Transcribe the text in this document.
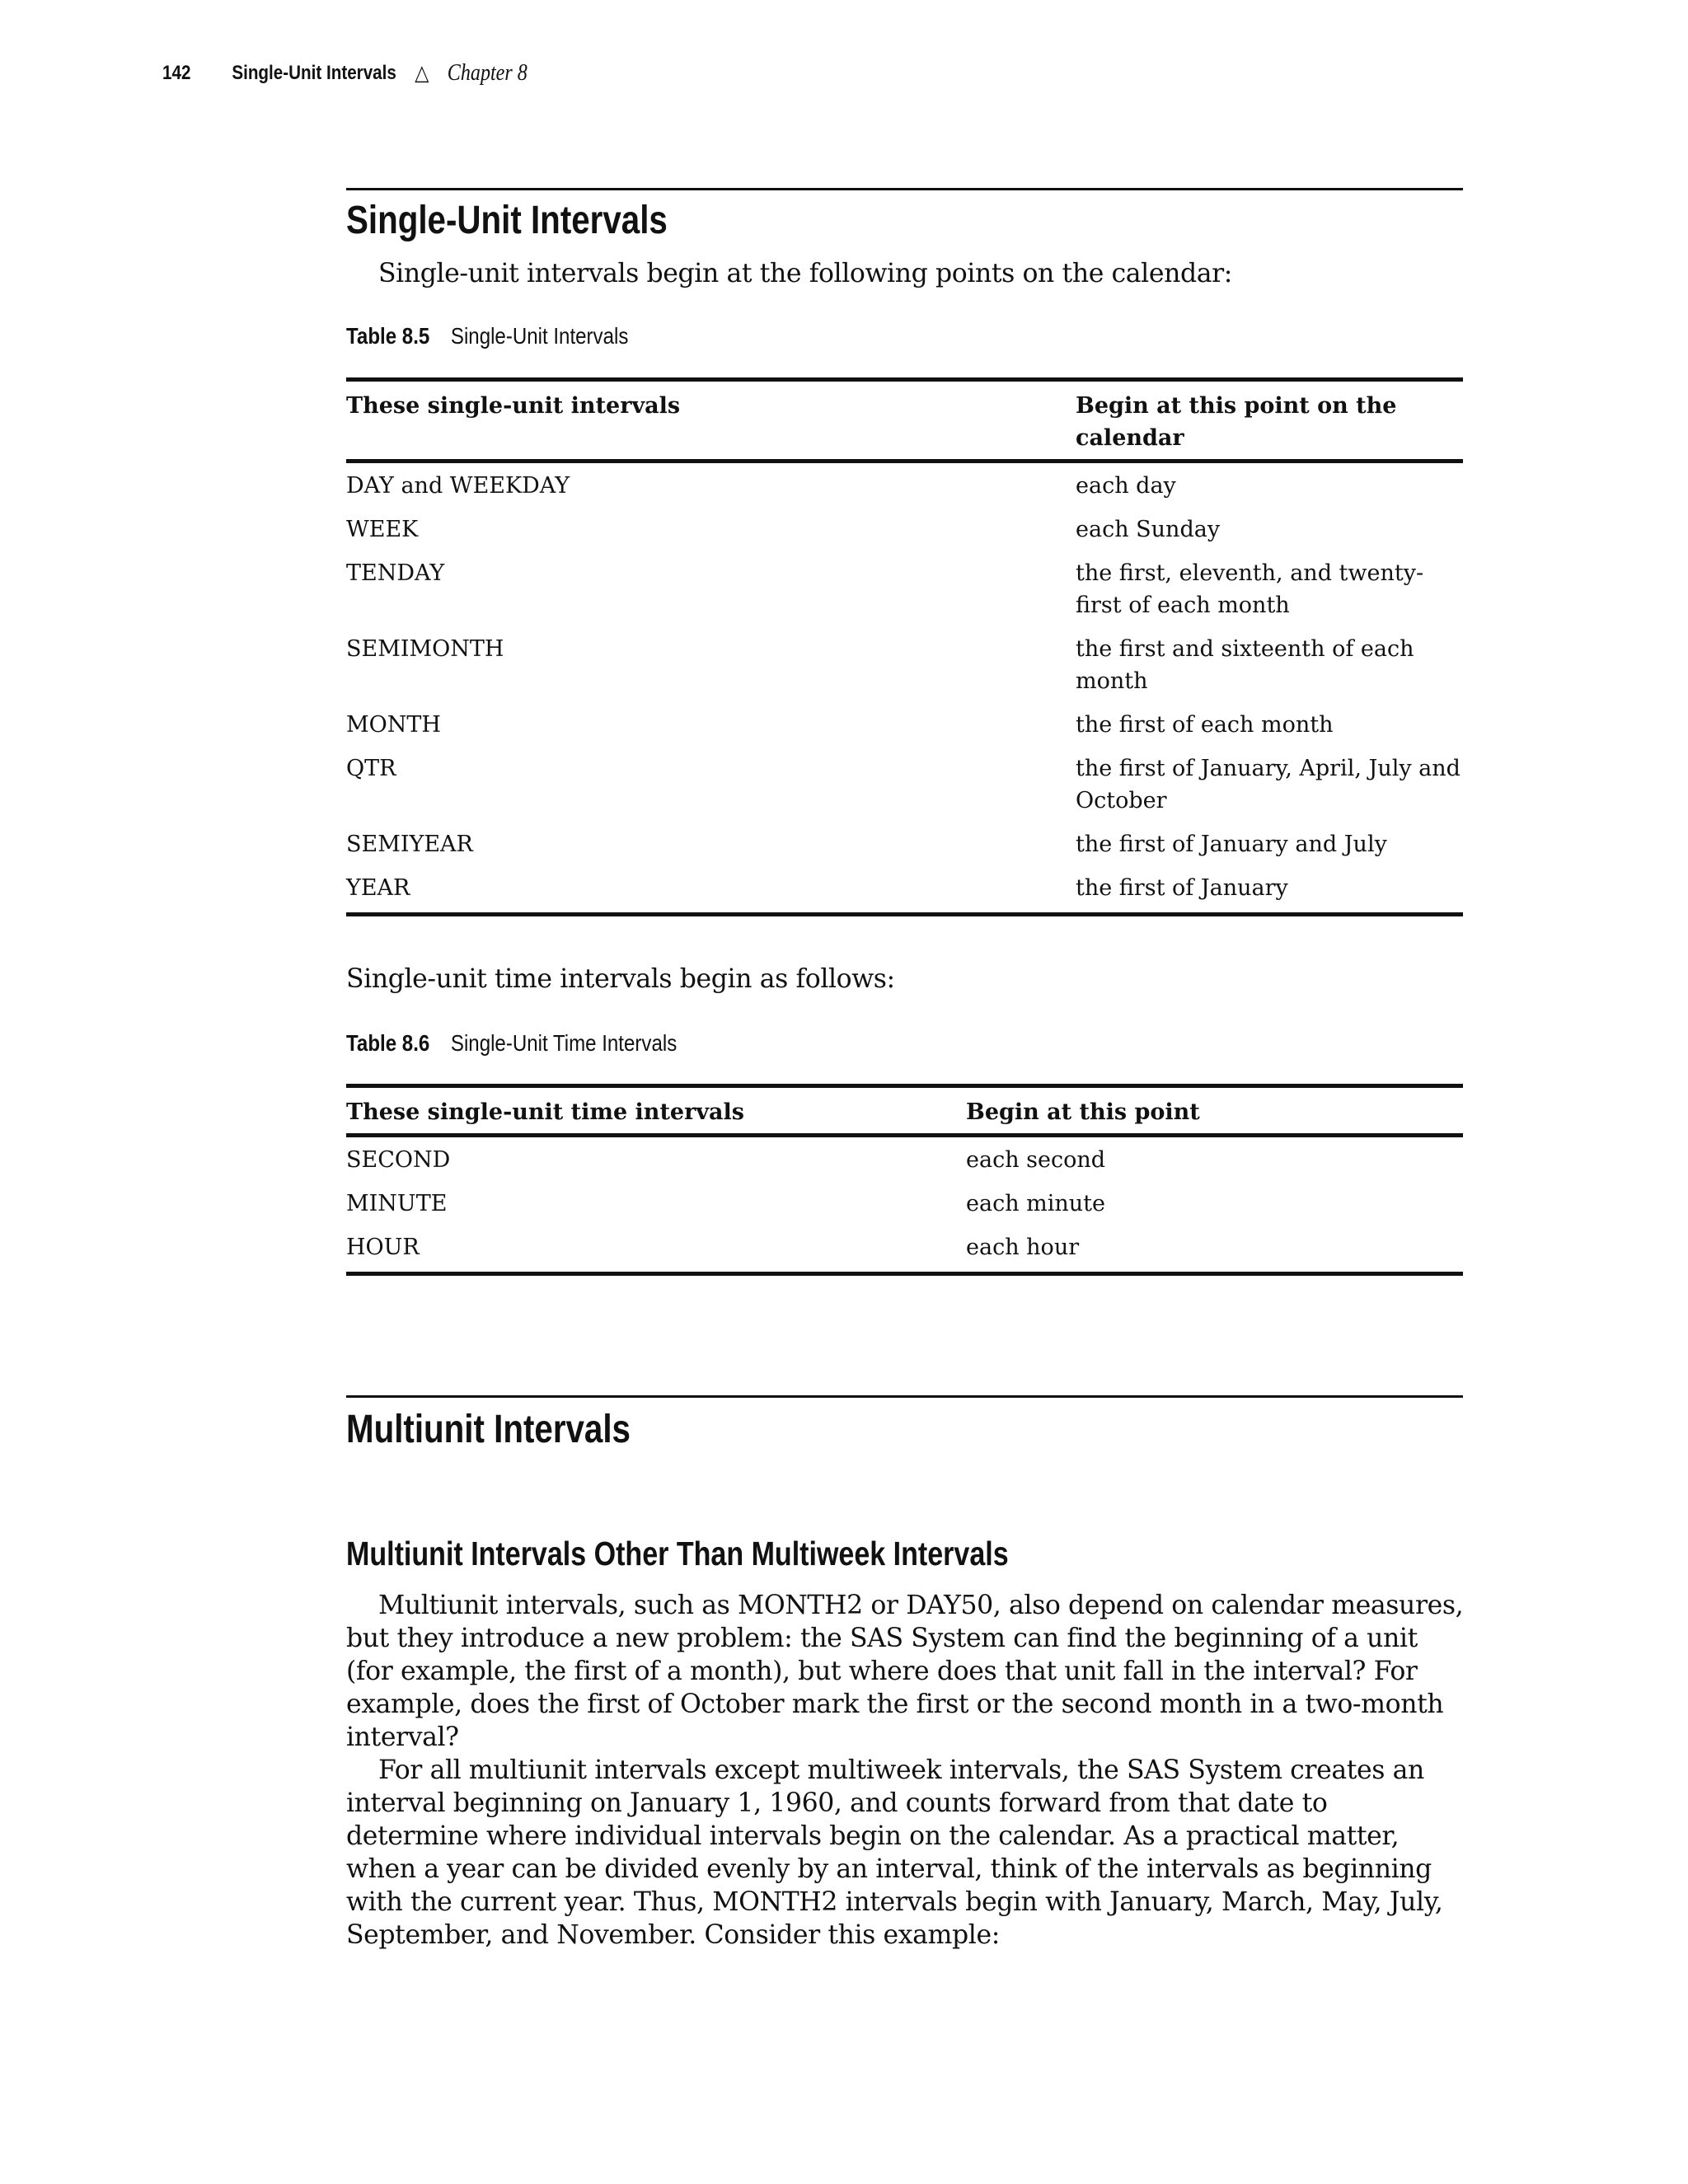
142 Single-Unit Intervals △ Chapter 8
Single-Unit Intervals

Single-unit intervals begin at the following points on the calendar:

Table 8.5 Single-Unit Intervals
These single-unit intervals	Begin at this point on the calendar
DAY and WEEKDAY	each day
WEEK	each Sunday
TENDAY	the first, eleventh, and twenty-first of each month
SEMIMONTH	the first and sixteenth of each month
MONTH	the first of each month
QTR	the first of January, April, July and October
SEMIYEAR	the first of January and July
YEAR	the first of January

Single-unit time intervals begin as follows:

Table 8.6 Single-Unit Time Intervals
These single-unit time intervals	Begin at this point
SECOND	each second
MINUTE	each minute
HOUR	each hour
Multiunit Intervals
Multiunit Intervals Other Than Multiweek Intervals

Multiunit intervals, such as MONTH2 or DAY50, also depend on calendar measures, but they introduce a new problem: the SAS System can find the beginning of a unit (for example, the first of a month), but where does that unit fall in the interval? For example, does the first of October mark the first or the second month in a two-month interval?

For all multiunit intervals except multiweek intervals, the SAS System creates an interval beginning on January 1, 1960, and counts forward from that date to determine where individual intervals begin on the calendar. As a practical matter, when a year can be divided evenly by an interval, think of the intervals as beginning with the current year. Thus, MONTH2 intervals begin with January, March, May, July, September, and November. Consider this example:
